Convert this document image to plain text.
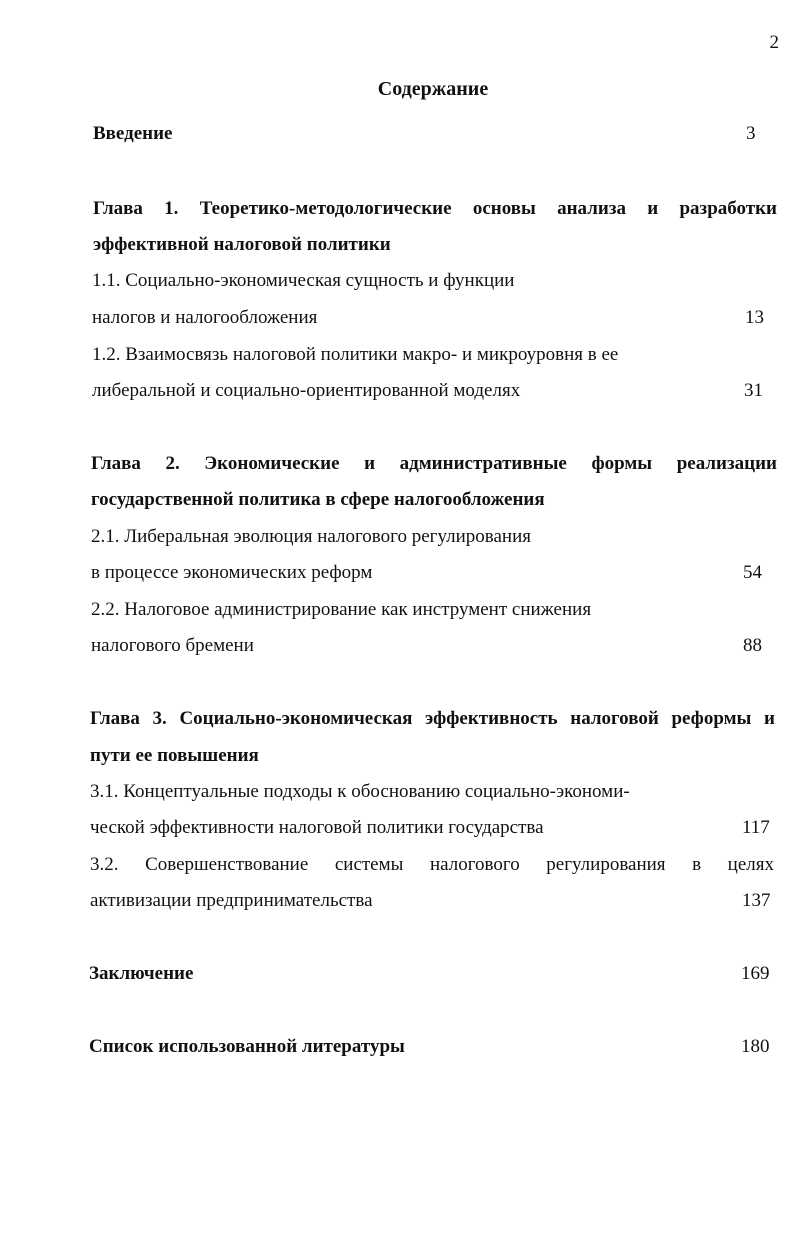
2
Содержание
Введение	3
Глава 1. Теоретико-методологические основы анализа и разработки
эффективной налоговой политики
1.1. Социально-экономическая сущность и функции
налогов и налогообложения	13
1.2. Взаимосвязь налоговой политики макро- и микроуровня в ее
либеральной и социально-ориентированной моделях	31
Глава 2. Экономические и административные формы реализации
государственной политика в сфере налогообложения
2.1. Либеральная эволюция налогового регулирования
в процессе экономических реформ	54
2.2. Налоговое администрирование как инструмент снижения
налогового бремени	88
Глава 3. Социально-экономическая эффективность налоговой реформы и
пути ее повышения
3.1. Концептуальные подходы к обоснованию социально-экономи-
ческой эффективности налоговой политики государства	117
3.2. Совершенствование системы налогового регулирования в целях
активизации предпринимательства	137
Заключение	169
Список использованной литературы	180
